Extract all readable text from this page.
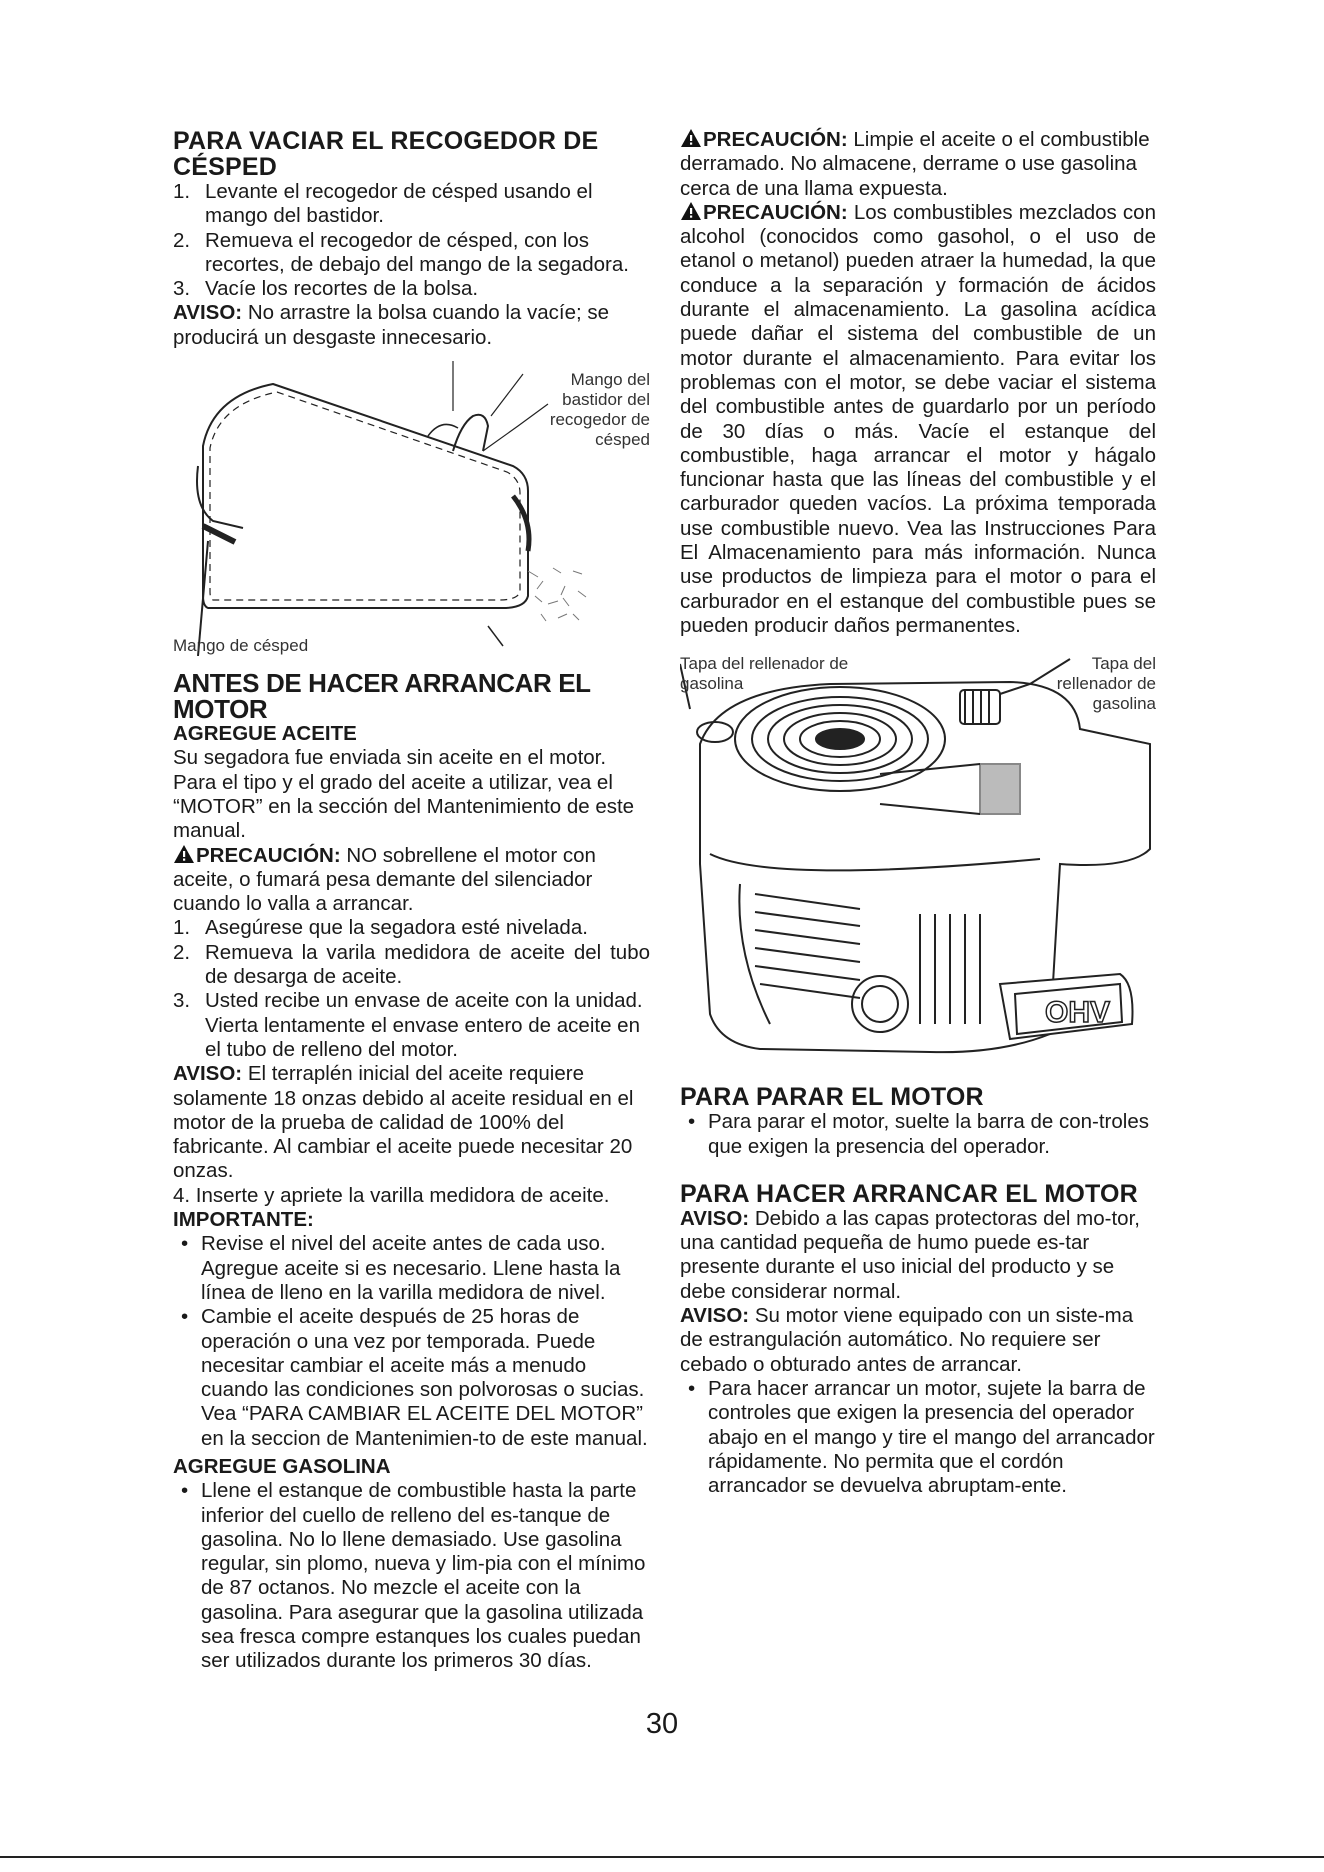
PARA VACIAR EL RECOGEDOR DE CÉSPED
1. Levante el recogedor de césped usando el mango del bastidor.
2. Remueva el recogedor de césped, con los recortes, de debajo del mango de la segadora.
3. Vacíe los recortes de la bolsa.

AVISO: No arrastre la bolsa cuando la vacíe; se producirá un desgaste innecesario.

Mango del bastidor del recogedor de césped
Mango de césped
ANTES DE HACER ARRANCAR EL MOTOR
AGREGUE ACEITE

Su segadora fue enviada sin aceite en el motor. Para el tipo y el grado del aceite a utilizar, vea el “MOTOR” en la sección del Mantenimiento de este manual.

PRECAUCIÓN: NO sobrellene el motor con aceite, o fumará pesa demante del silenciador cuando lo valla a arrancar.

1. Asegúrese que la segadora esté nivelada.
2. Remueva la varila medidora de aceite del tubo de desarga de aceite.
3. Usted recibe un envase de aceite con la unidad. Vierta lentamente el envase entero de aceite en el tubo de relleno del motor.

AVISO: El terraplén inicial del aceite requiere solamente 18 onzas debido al aceite residual en el motor de la prueba de calidad de 100% del fabricante. Al cambiar el aceite puede necesitar 20 onzas.

4. Inserte y apriete la varilla medidora de aceite.

IMPORTANTE:

• Revise el nivel del aceite antes de cada uso. Agregue aceite si es necesario. Llene hasta la línea de lleno en la varilla medidora de nivel.
• Cambie el aceite después de 25 horas de operación o una vez por temporada. Puede necesitar cambiar el aceite más a menudo cuando las condiciones son polvorosas o sucias. Vea “PARA CAMBIAR EL ACEITE DEL MOTOR” en la seccion de Mantenimien-to de este manual.
AGREGUE GASOLINA
• Llene el estanque de combustible hasta la parte inferior del cuello de relleno del es-tanque de gasolina. No lo llene demasiado. Use gasolina regular, sin plomo, nueva y lim-pia con el mínimo de 87 octanos. No mezcle el aceite con la gasolina. Para asegurar que la gasolina utilizada sea fresca compre estanques los cuales puedan ser utilizados durante los primeros 30 días.

PRECAUCIÓN: Limpie el aceite o el combustible derramado. No almacene, derrame o use gasolina cerca de una llama expuesta.

PRECAUCIÓN: Los combustibles mezclados con alcohol (conocidos como gasohol, o el uso de etanol o metanol) pueden atraer la humedad, la que conduce a la separación y formación de ácidos durante el almacenamiento. La gasolina acídica puede dañar el sistema del combustible de un motor durante el almacenamiento. Para evitar los problemas con el motor, se debe vaciar el sistema del combustible antes de guardarlo por un período de 30 días o más. Vacíe el estanque del combustible, haga arrancar el motor y hágalo funcionar hasta que las líneas del combustible y el carburador queden vacíos. La próxima temporada use combustible nuevo. Vea las Instrucciones Para El Almacenamiento para más información. Nunca use productos de limpieza para el motor o para el carburador en el estanque del combustible pues se pueden producir daños permanentes.

OHV
Tapa del rellenador de gasolina
Tapa del rellenador de gasolina
PARA PARAR EL MOTOR
• Para parar el motor, suelte la barra de con-troles que exigen la presencia del operador.
PARA HACER ARRANCAR EL MOTOR

AVISO: Debido a las capas protectoras del mo-tor, una cantidad pequeña de humo puede es-tar presente durante el uso inicial del producto y se debe considerar normal.

AVISO: Su motor viene equipado con un siste-ma de estrangulación automático. No requiere ser cebado o obturado antes de arrancar.

• Para hacer arrancar un motor, sujete la barra de controles que exigen la presencia del operador abajo en el mango y tire el mango del arrancador rápidamente. No permita que el cordón arrancador se devuelva abruptam-ente.
30
